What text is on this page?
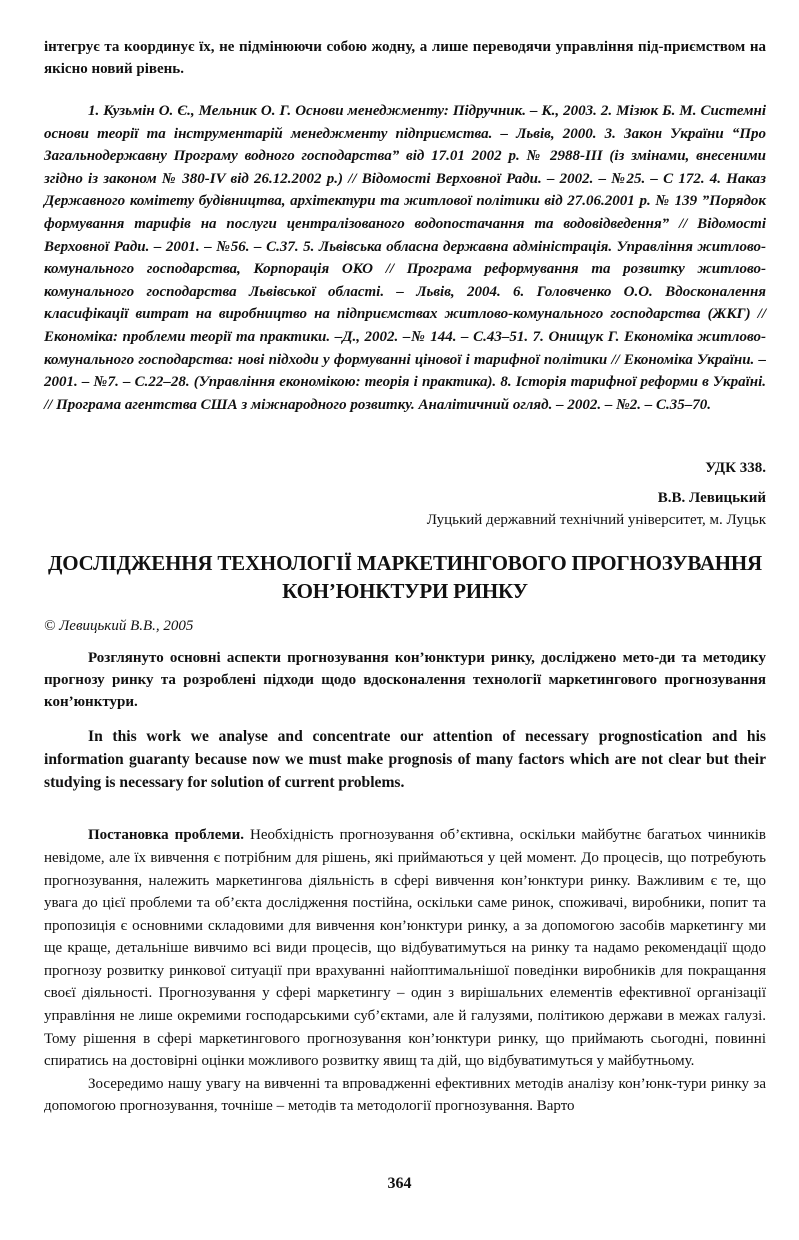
інтегрує та координує їх, не підмінюючи собою жодну, а лише переводячи управління під-приємством на якісно новий рівень.

1. Кузьмін О. Є., Мельник О. Г. Основи менеджменту: Підручник. – К., 2003. 2. Мізюк Б. М. Системні основи теорії та інструментарій менеджменту підприємства. – Львів, 2000. 3. Закон України “Про Загальнодержавну Програму водного господарства” від 17.01 2002 р. № 2988-ІІІ (із змінами, внесеними згідно із законом № 380-IV від 26.12.2002 р.) // Відомості Верховної Ради. – 2002. – №25. – С 172. 4. Наказ Державного комітету будівництва, архітектури та житлової політики від 27.06.2001 р. № 139 ”Порядок формування тарифів на послуги централізованого водопостачання та водовідведення” // Відомості Верховної Ради. – 2001. – №56. – С.37. 5. Львівська обласна державна адміністрація. Управління житлово-комунального господарства, Корпорація ОКО // Програма реформування та розвитку житлово-комунального господарства Львівської області. – Львів, 2004. 6. Головченко О.О. Вдосконалення класифікації витрат на виробництво на підприємствах житлово-комунального господарства (ЖКГ) // Економіка: проблеми теорії та практики. –Д., 2002. –№ 144. – С.43–51. 7. Онищук Г. Економіка житлово-комунального господарства: нові підходи у формуванні цінової і тарифної політики // Економіка України. – 2001. – №7. – С.22–28. (Управління економікою: теорія і практика). 8. Історія тарифної реформи в Україні. // Програма агентства США з міжнародного розвитку. Аналітичний огляд. – 2002. – №2. – С.35–70.

УДК 338.

В.В. Левицький

Луцький державний технічний університет, м. Луцьк

ДОСЛІДЖЕННЯ ТЕХНОЛОГІЇ МАРКЕТИНГОВОГО ПРОГНОЗУВАННЯ КОН’ЮНКТУРИ РИНКУ

© Левицький В.В., 2005

Розглянуто основні аспекти прогнозування кон’юнктури ринку, досліджено мето-ди та методику прогнозу ринку та розроблені підходи щодо вдосконалення технології маркетингового прогнозування кон’юнктури.

In this work we analyse and concentrate our attention of necessary prognostication and his information guaranty because now we must make prognosis of many factors which are not clear but their studying is necessary for solution of current problems.

Постановка проблеми. Необхідність прогнозування об’єктивна, оскільки майбутнє багатьох чинників невідоме, але їх вивчення є потрібним для рішень, які приймаються у цей момент. До процесів, що потребують прогнозування, належить маркетингова діяльність в сфері вивчення кон’юнктури ринку. Важливим є те, що увага до цієї проблеми та об’єкта дослідження постійна, оскільки саме ринок, споживачі, виробники, попит та пропозиція є основними складовими для вивчення кон’юнктури ринку, а за допомогою засобів маркетингу ми ще краще, детальніше вивчимо всі види процесів, що відбуватимуться на ринку та надамо рекомендації щодо прогнозу розвитку ринкової ситуації при врахуванні найоптимальнішої поведінки виробників для покращання своєї діяльності. Прогнозування у сфері маркетингу – один з вирішальних елементів ефективної організації управління не лише окремими господарськими суб’єктами, але й галузями, політикою держави в межах галузі. Тому рішення в сфері маркетингового прогнозування кон’юнктури ринку, що приймають сьогодні, повинні спиратись на достовірні оцінки можливого розвитку явищ та дій, що відбуватимуться у майбутньому.

Зосередимо нашу увагу на вивченні та впровадженні ефективних методів аналізу кон’юнк-тури ринку за допомогою прогнозування, точніше – методів та методології прогнозування. Варто

364
